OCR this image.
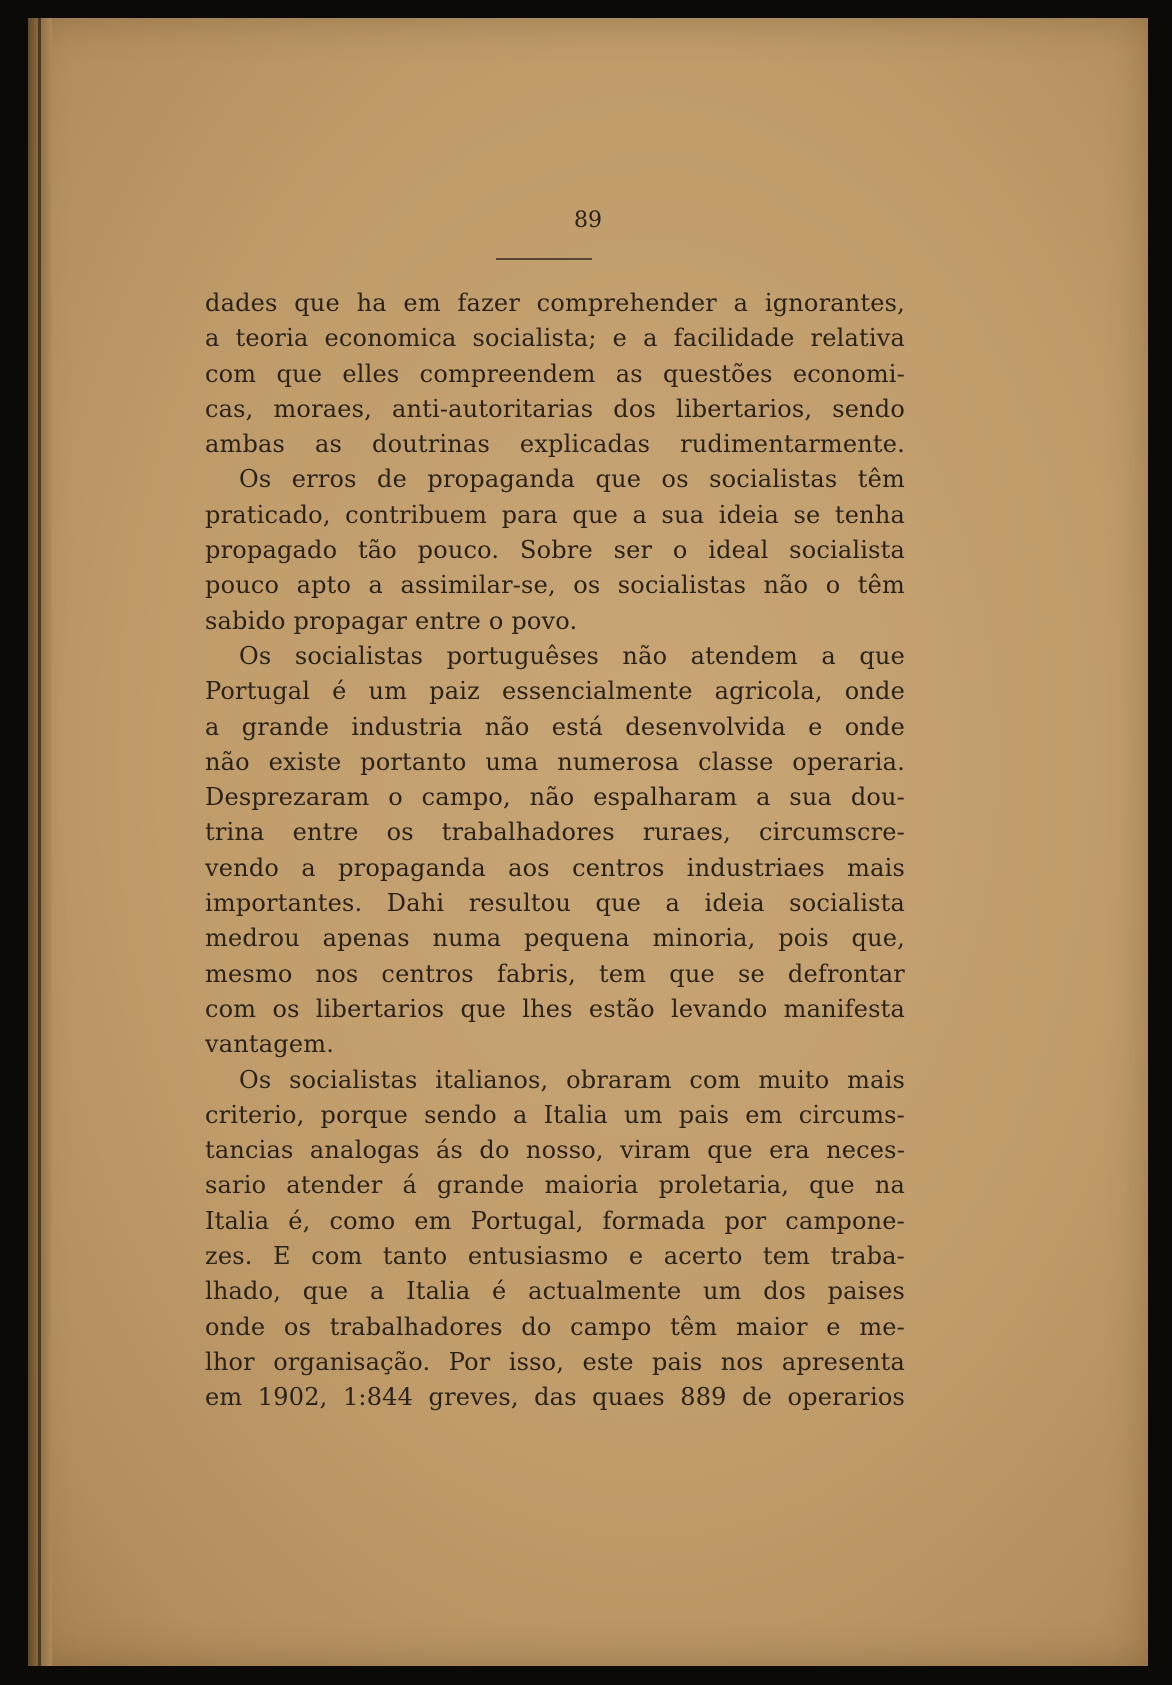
89
dades que ha em fazer comprehender a ignorantes,
a teoria economica socialista; e a facilidade relativa
com que elles compreendem as questões economi-
cas, moraes, anti-autoritarias dos libertarios, sendo
ambas as doutrinas explicadas rudimentarmente.
Os erros de propaganda que os socialistas têm
praticado, contribuem para que a sua ideia se tenha
propagado tão pouco. Sobre ser o ideal socialista
pouco apto a assimilar-se, os socialistas não o têm
sabido propagar entre o povo.
Os socialistas portuguêses não atendem a que
Portugal é um paiz essencialmente agricola, onde
a grande industria não está desenvolvida e onde
não existe portanto uma numerosa classe operaria.
Desprezaram o campo, não espalharam a sua dou-
trina entre os trabalhadores ruraes, circumscre-
vendo a propaganda aos centros industriaes mais
importantes. Dahi resultou que a ideia socialista
medrou apenas numa pequena minoria, pois que,
mesmo nos centros fabris, tem que se defrontar
com os libertarios que lhes estão levando manifesta
vantagem.
Os socialistas italianos, obraram com muito mais
criterio, porque sendo a Italia um pais em circums-
tancias analogas ás do nosso, viram que era neces-
sario atender á grande maioria proletaria, que na
Italia é, como em Portugal, formada por campone-
zes. E com tanto entusiasmo e acerto tem traba-
lhado, que a Italia é actualmente um dos paises
onde os trabalhadores do campo têm maior e me-
lhor organisação. Por isso, este pais nos apresenta
em 1902, 1:844 greves, das quaes 889 de operarios
